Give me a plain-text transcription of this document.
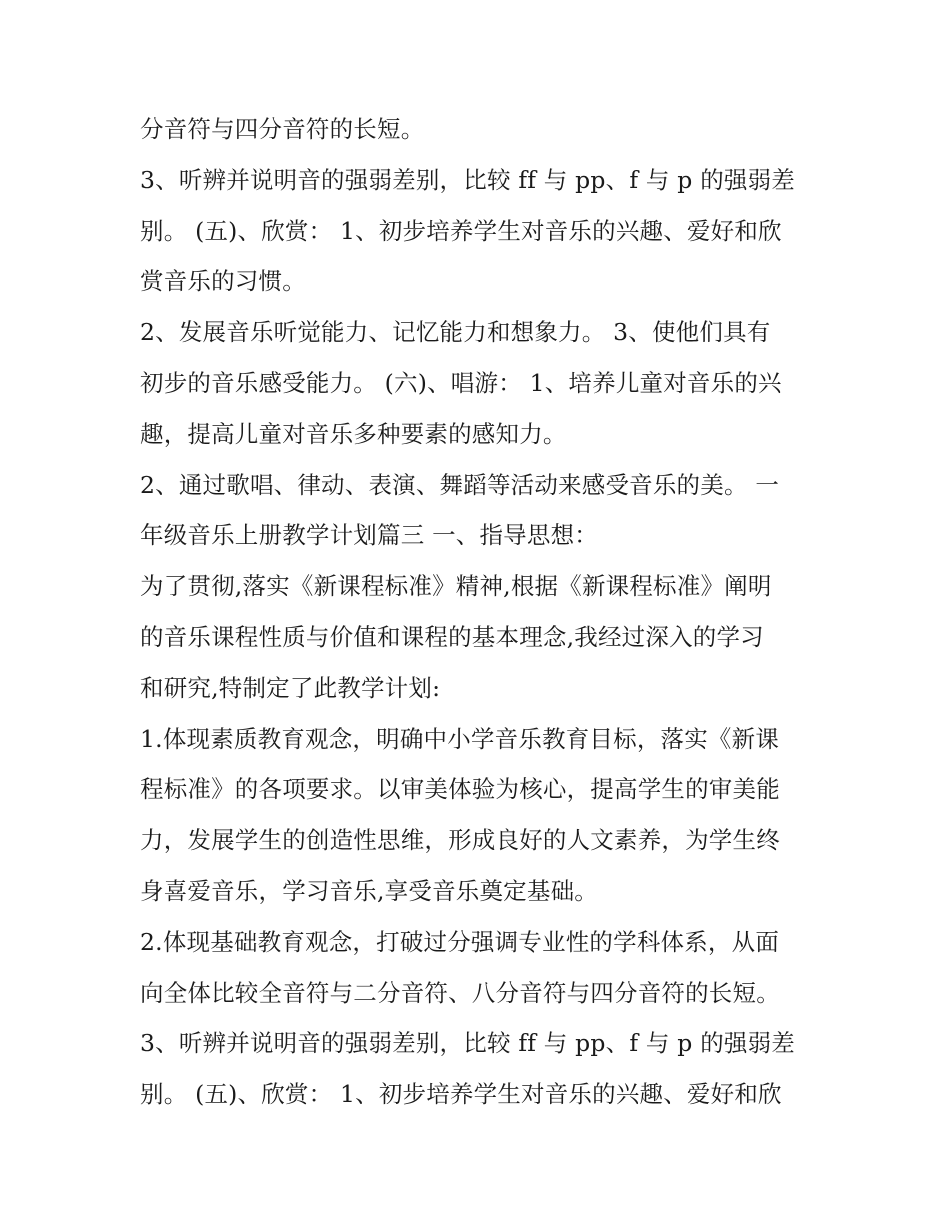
分音符与四分音符的长短。
3、听辨并说明音的强弱差别，比较 ff 与 pp、f 与 p 的强弱差
别。 (五)、欣赏： 1、初步培养学生对音乐的兴趣、爱好和欣
赏音乐的习惯。
2、发展音乐听觉能力、记忆能力和想象力。 3、使他们具有
初步的音乐感受能力。 (六)、唱游： 1、培养儿童对音乐的兴
趣，提高儿童对音乐多种要素的感知力。
2、通过歌唱、律动、表演、舞蹈等活动来感受音乐的美。 一
年级音乐上册教学计划篇三 一、指导思想：
为了贯彻,落实《新课程标准》精神,根据《新课程标准》阐明
的音乐课程性质与价值和课程的基本理念,我经过深入的学习
和研究,特制定了此教学计划:
1.体现素质教育观念，明确中小学音乐教育目标，落实《新课
程标准》的各项要求。以审美体验为核心，提高学生的审美能
力，发展学生的创造性思维，形成良好的人文素养，为学生终
身喜爱音乐，学习音乐,享受音乐奠定基础。
2.体现基础教育观念，打破过分强调专业性的学科体系，从面
向全体比较全音符与二分音符、八分音符与四分音符的长短。
3、听辨并说明音的强弱差别，比较 ff 与 pp、f 与 p 的强弱差
别。 (五)、欣赏： 1、初步培养学生对音乐的兴趣、爱好和欣
